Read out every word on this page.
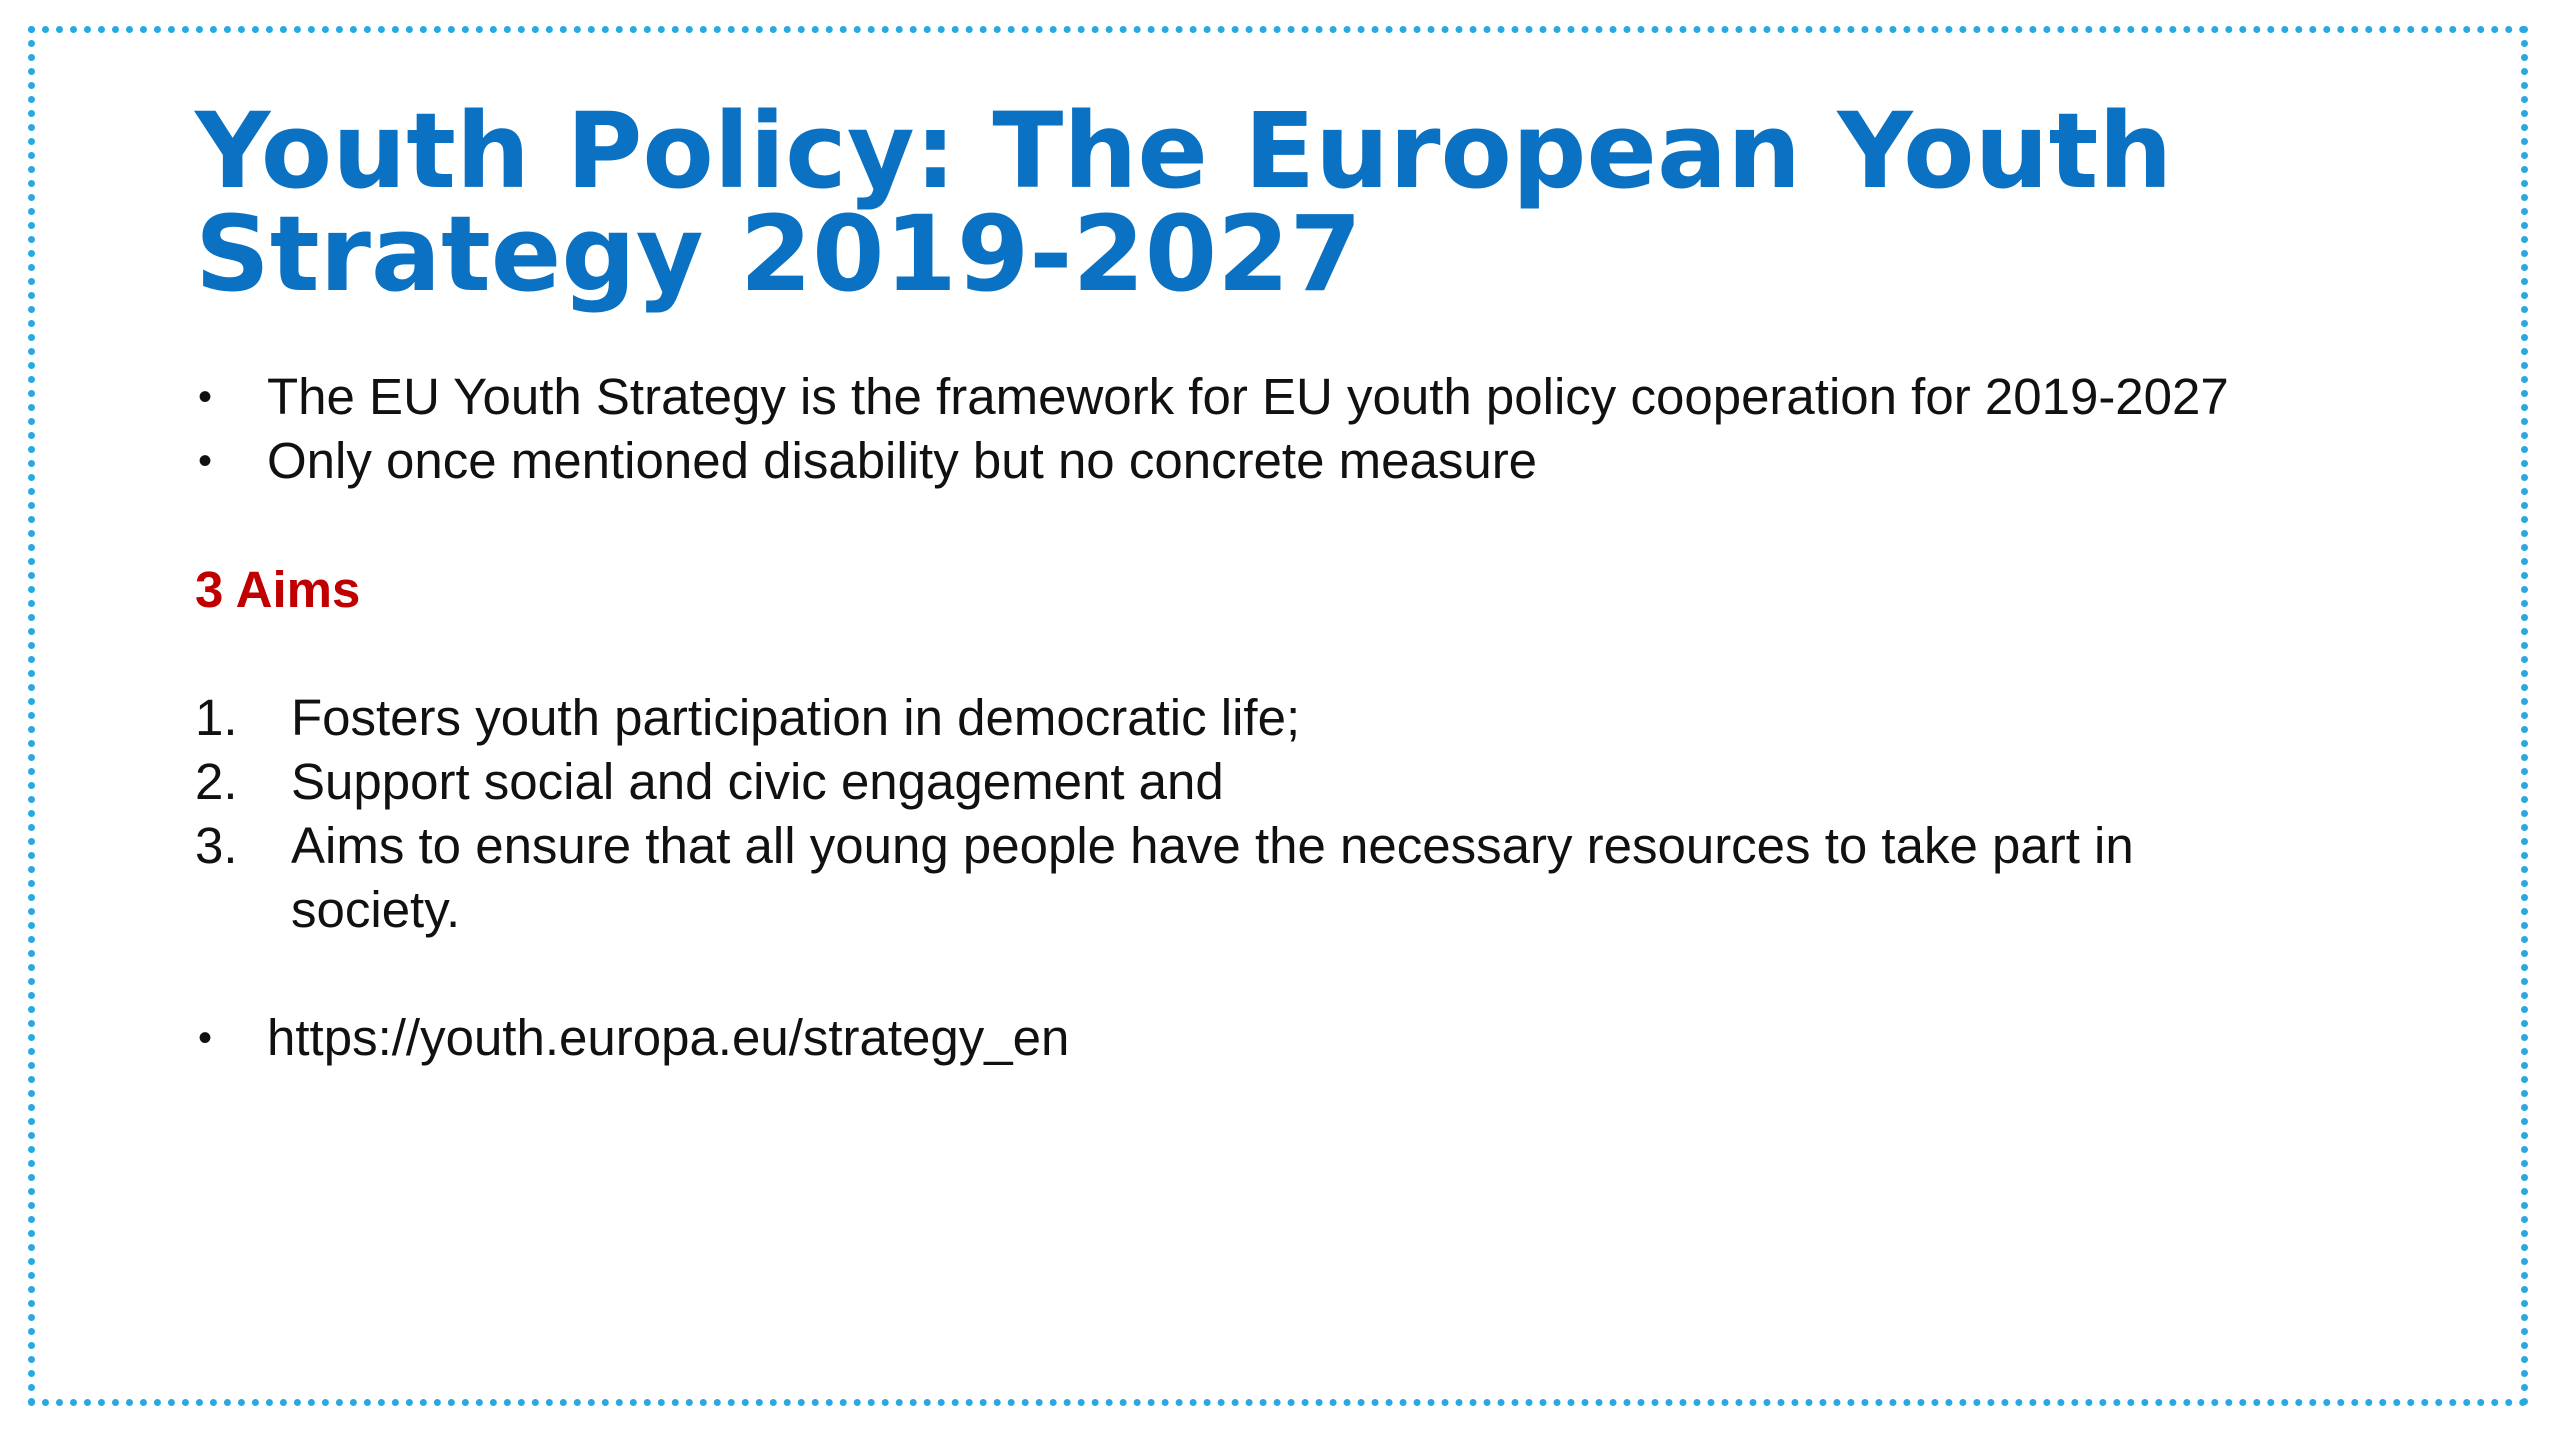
Youth Policy: The European Youth
Strategy 2019-2027
• The EU Youth Strategy is the framework for EU youth policy cooperation for 2019-2027
• Only once mentioned disability but no concrete measure
3 Aims
1. Fosters youth participation in democratic life;
2. Support social and civic engagement and
3. Aims to ensure that all young people have the necessary resources to take part in society.
• https://youth.europa.eu/strategy_en
